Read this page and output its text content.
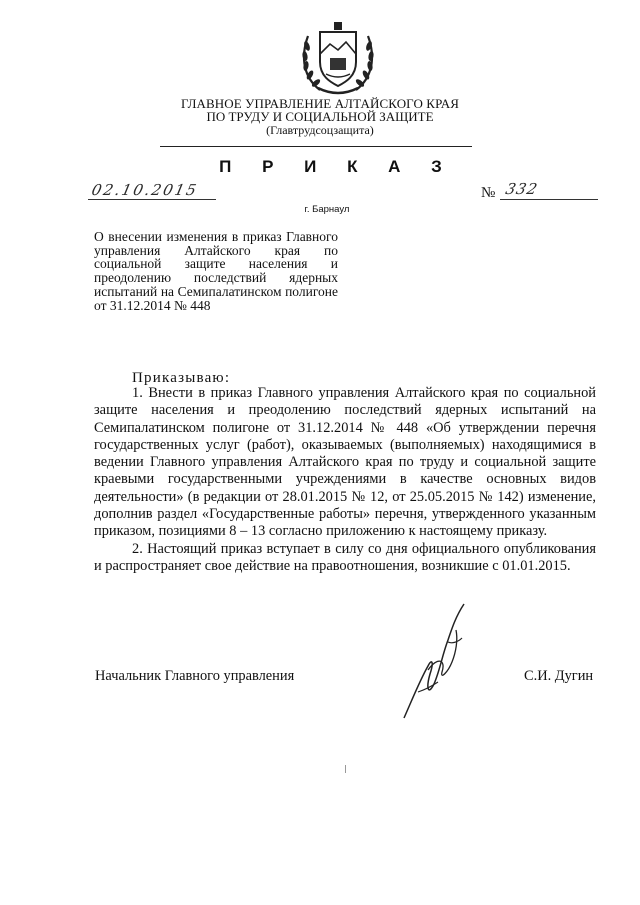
ГЛАВНОЕ УПРАВЛЕНИЕ АЛТАЙСКОГО КРАЯ
ПО ТРУДУ И СОЦИАЛЬНОЙ ЗАЩИТЕ
(Главтрудсоцзащита)
П Р И К А З
02.10.2015	№ 332
г. Барнаул
О внесении изменения в приказ Главного управления Алтайского края по социальной защите населения и преодолению последствий ядерных испытаний на Семипалатинском полигоне от 31.12.2014 № 448
Приказываю:

1. Внести в приказ Главного управления Алтайского края по социальной защите населения и преодолению последствий ядерных испытаний на Семипалатинском полигоне от 31.12.2014 № 448 «Об утверждении перечня государственных услуг (работ), оказываемых (выполняемых) находящимися в ведении Главного управления Алтайского края по труду и социальной защите краевыми государственными учреждениями в качестве основных видов деятельности» (в редакции от 28.01.2015 № 12, от 25.05.2015 № 142) изменение, дополнив раздел «Государственные работы» перечня, утвержденного указанным приказом, позициями 8 – 13 согласно приложению к настоящему приказу.

2. Настоящий приказ вступает в силу со дня официального опубликования и распространяет свое действие на правоотношения, возникшие с 01.01.2015.

Начальник Главного управления	С.И. Дугин
